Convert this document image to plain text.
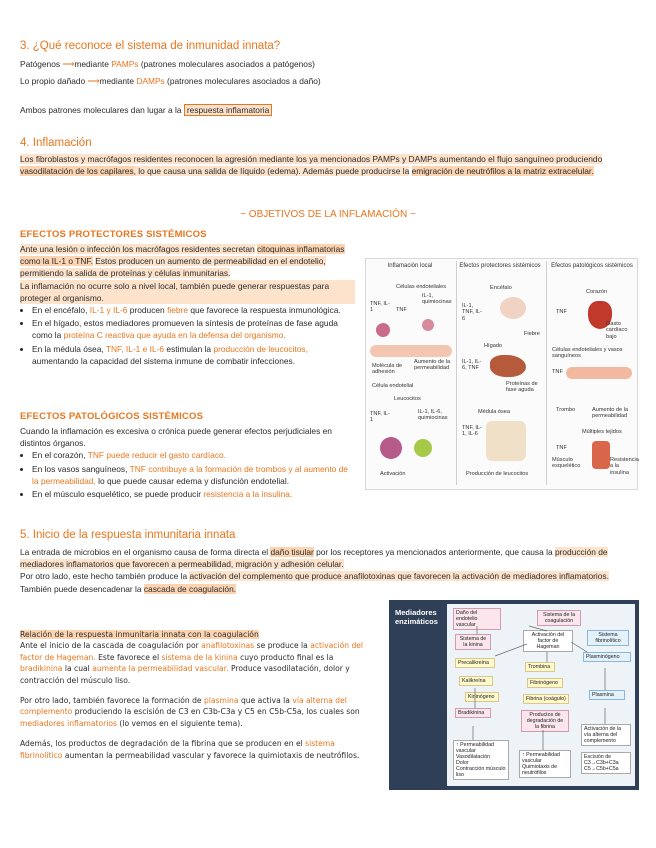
3. ¿Qué reconoce el sistema de inmunidad innata?
Patógenos ⟶mediante PAMPs (patrones moleculares asociados a patógenos)
Lo propio dañado ⟶mediante DAMPs (patrones moleculares asociados a daño)
Ambos patrones moleculares dan lugar a la respuesta inflamatoria
4. Inflamación

Los fibroblastos y macrófagos residentes reconocen la agresión mediante los ya mencionados PAMPs y DAMPs aumentando el flujo sanguíneo produciendo vasodilatación de los capilares, lo que causa una salida de líquido (edema). Además puede producirse la emigración de neutrófilos a la matriz extracelular.

~ OBJETIVOS DE LA INFLAMACIÓN ~
EFECTOS PROTECTORES SISTÉMICOS

Ante una lesión o infección los macrófagos residentes secretan citoquinas inflamatorias como la IL-1 o TNF. Estos producen un aumento de permeabilidad en el endotelio, permitiendo la salida de proteínas y células inmunitarias.

La inflamación no ocurre solo a nivel local, también puede generar respuestas para proteger al organismo.

• En el encéfalo, IL-1 y IL-6 producen fiebre que favorece la respuesta inmunológica.
• En el hígado, estos mediadores promueven la síntesis de proteínas de fase aguda como la proteína C reactiva que ayuda en la defensa del organismo.
• En la médula ósea, TNF, IL-1 e IL-6 estimulan la producción de leucocitos, aumentando la capacidad del sistema inmune de combatir infecciones.
EFECTOS PATOLÓGICOS SISTÉMICOS

Cuando la inflamación es excesiva o crónica puede generar efectos perjudiciales en distintos órganos.

• En el corazón, TNF puede reducir el gasto cardíaco.
• En los vasos sanguíneos, TNF contribuye a la formación de trombos y al aumento de la permeabilidad, lo que puede causar edema y disfunción endotelial.
• En el músculo esquelético, se puede producir resistencia a la insulina.
Inflamación local	Efectos protectores sistémicos Efectos patológicos sistémicos
Células endoteliales
TNF, IL-1	TNF
IL-1, quimiocinas
Aumento de la permeabilidad
Molécula de adhesión
Célula endotelial
Leucocitos
TNF, IL-1
IL-1, IL-6, quimiocinas
Activación
Encéfalo
IL-1, TNF, IL-6
Fiebre
Hígado
IL-1, IL-6, TNF
Proteínas de fase aguda
Médula ósea
TNF, IL-1, IL-6
Producción de leucocitos
Corazón
TNF
Gasto cardíaco bajo
Células endoteliales y vasos sanguíneos
TNF
Trombo	Aumento de la permeabilidad
Múltiples tejidos
TNF
Músculo esquelético
Resistencia a la insulina
5. Inicio de la respuesta inmunitaria innata

La entrada de microbios en el organismo causa de forma directa el daño tisular por los receptores ya mencionados anteriormente, que causa la producción de mediadores inflamatorios que favorecen a permeabilidad, migración y adhesión celular.

Por otro lado, este hecho también produce la activación del complemento que produce anafilotoxinas que favorecen la activación de mediadores inflamatorios. También puede desencadenar la cascada de coagulación.

Relación de la respuesta inmunitaria innata con la coagulación

Ante el inicio de la cascada de coagulación por anafilotoxinas se produce la activación del factor de Hageman. Este favorece el sistema de la kinina cuyo producto final es la bradikinina la cual aumenta la permeabilidad vascular. Produce vasodilatación, dolor y contracción del músculo liso.

Por otro lado, también favorece la formación de plasmina que activa la vía alterna del complemento produciendo la escisión de C3 en C3b-C3a y C5 en C5b-C5a, los cuales son mediadores inflamatorios (lo vemos en el siguiente tema).

Además, los productos de degradación de la fibrina que se producen en el sistema fibrinolítico aumentan la permeabilidad vascular y favorece la quimiotaxis de neutrófilos.

Mediadores enzimáticos
Daño del endotelio vascular
Sistema de la coagulación
Activación del factor de Hageman
Sistema de la kinina
Precalikreína
Kalikreína
Kininógeno
Bradikinina
Trombina
Fibrinógeno
Fibrina (coágulo)
Productos de degradación de la fibrina
Sistema fibrinolítico
Plasminógeno
Plasmina
Activación de la vía alterna del complemento
Escisión de C3→C3b+C3a C5→C5b+C5a
↑ Permeabilidad vascular
Vasodilatación
Dolor
Contracción músculo liso
↑ Permeabilidad vascular
Quimiotaxis de neutrófilos
